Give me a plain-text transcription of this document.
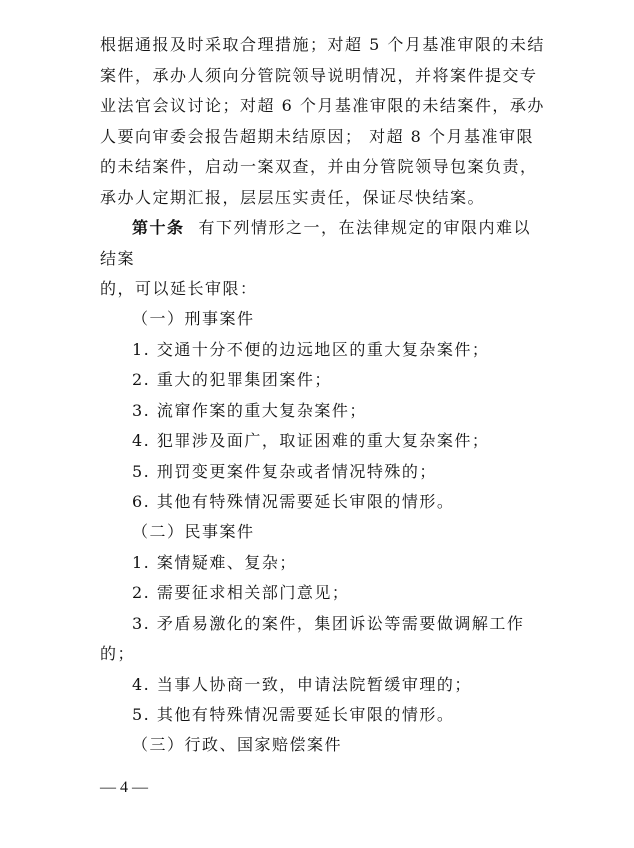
根据通报及时采取合理措施；对超 5 个月基准审限的未结
案件，承办人须向分管院领导说明情况，并将案件提交专
业法官会议讨论；对超 6 个月基准审限的未结案件，承办
人要向审委会报告超期未结原因； 对超 8 个月基准审限
的未结案件，启动一案双查，并由分管院领导包案负责，
承办人定期汇报，层层压实责任，保证尽快结案。
第十条 有下列情形之一，在法律规定的审限内难以
结案
的，可以延长审限：
（一）刑事案件
1. 交通十分不便的边远地区的重大复杂案件；
2. 重大的犯罪集团案件；
3. 流窜作案的重大复杂案件；
4. 犯罪涉及面广，取证困难的重大复杂案件；
5. 刑罚变更案件复杂或者情况特殊的；
6. 其他有特殊情况需要延长审限的情形。
（二）民事案件
1. 案情疑难、复杂；
2. 需要征求相关部门意见；
3. 矛盾易激化的案件，集团诉讼等需要做调解工作
的；
4. 当事人协商一致，申请法院暂缓审理的；
5. 其他有特殊情况需要延长审限的情形。
（三）行政、国家赔偿案件
— 4 —
